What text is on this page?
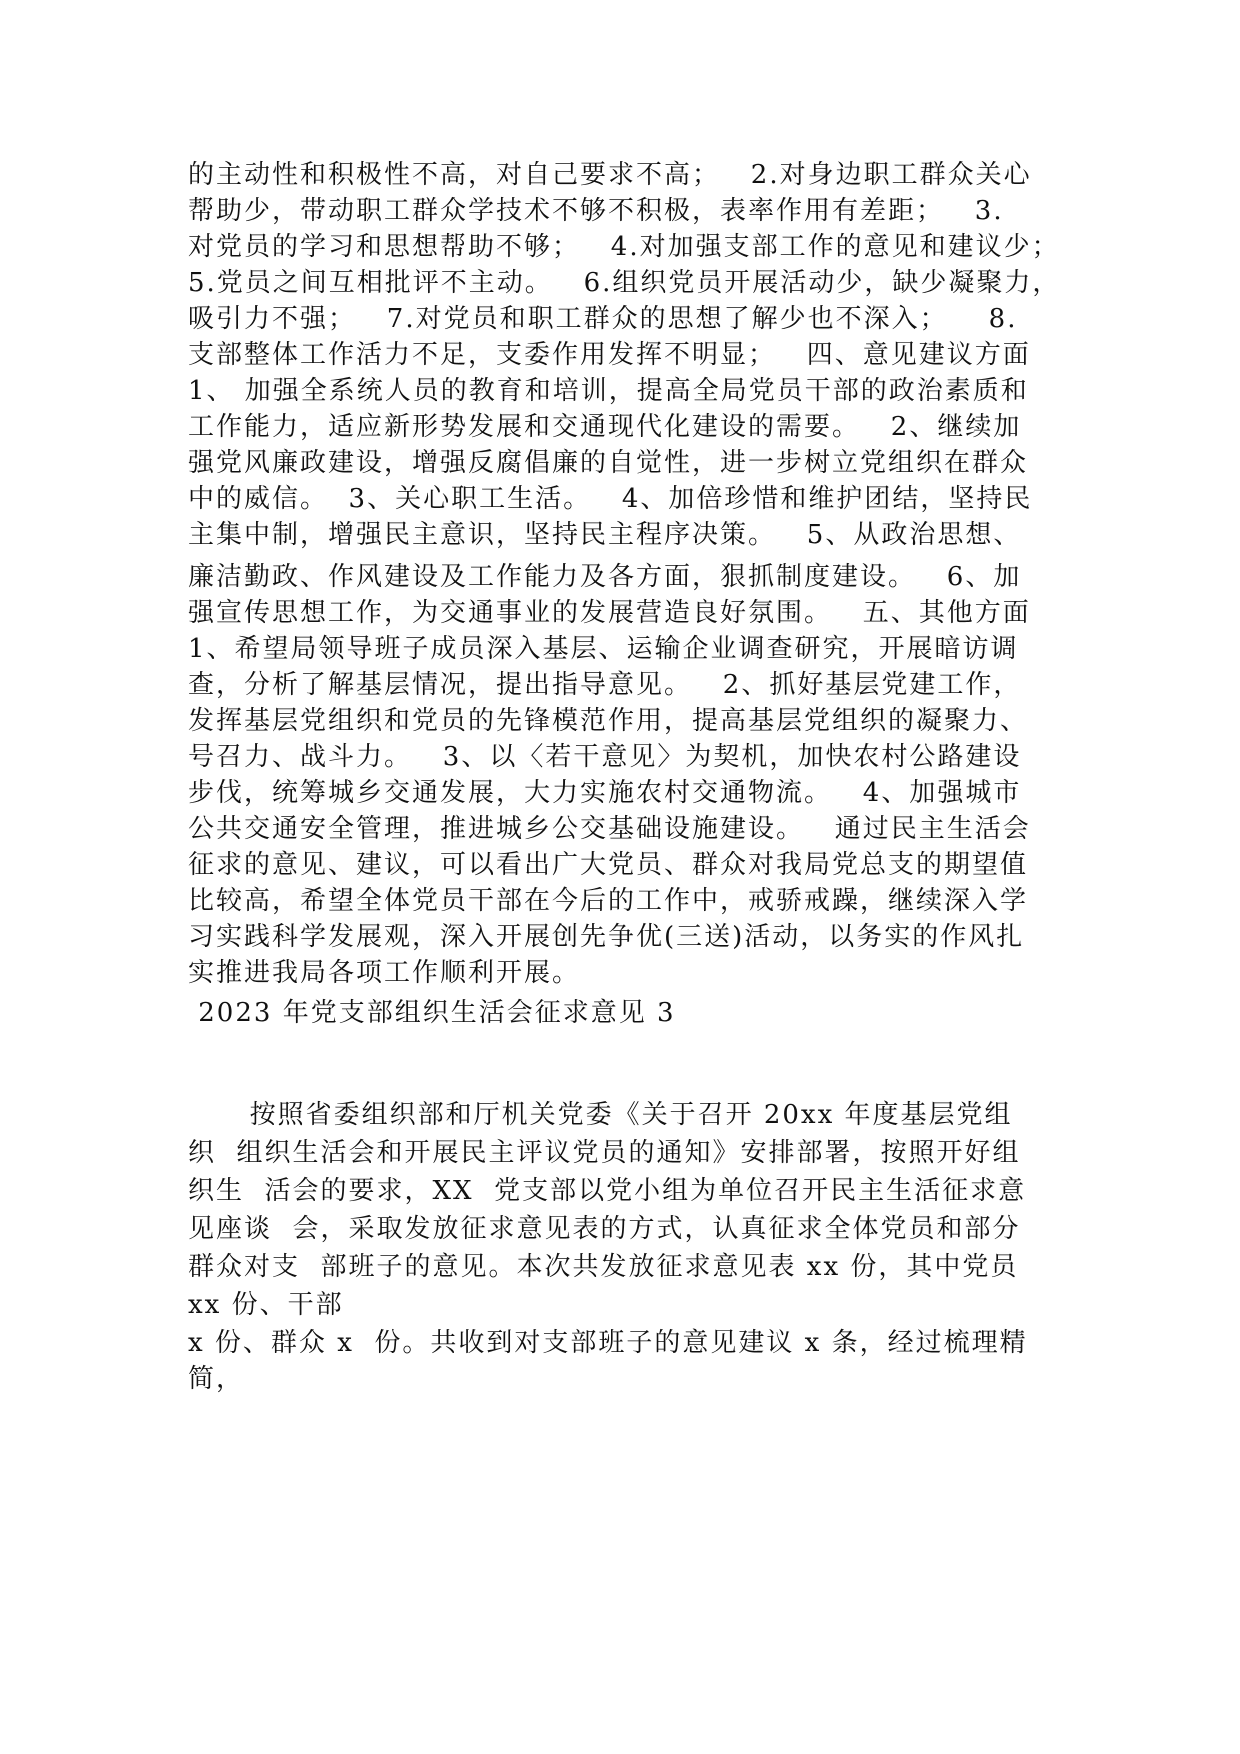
的主动性和积极性不高，对自己要求不高；   2.对身边职工群众关心
帮助少，带动职工群众学技术不够不积极，表率作用有差距；   3.
对党员的学习和思想帮助不够；   4.对加强支部工作的意见和建议少；
5.党员之间互相批评不主动。   6.组织党员开展活动少，缺少凝聚力，
吸引力不强；   7.对党员和职工群众的思想了解少也不深入；    8.
支部整体工作活力不足，支委作用发挥不明显；   四、意见建议方面
1、 加强全系统人员的教育和培训，提高全局党员干部的政治素质和
工作能力，适应新形势发展和交通现代化建设的需要。   2、继续加
强党风廉政建设，增强反腐倡廉的自觉性，进一步树立党组织在群众
中的威信。  3、关心职工生活。   4、加倍珍惜和维护团结，坚持民
主集中制，增强民主意识，坚持民主程序决策。   5、从政治思想、
廉洁勤政、作风建设及工作能力及各方面，狠抓制度建设。   6、加
强宣传思想工作，为交通事业的发展营造良好氛围。   五、其他方面
1、希望局领导班子成员深入基层、运输企业调查研究，开展暗访调
查，分析了解基层情况，提出指导意见。   2、抓好基层党建工作，
发挥基层党组织和党员的先锋模范作用，提高基层党组织的凝聚力、
号召力、战斗力。   3、以〈若干意见〉为契机，加快农村公路建设
步伐，统筹城乡交通发展，大力实施农村交通物流。   4、加强城市
公共交通安全管理，推进城乡公交基础设施建设。   通过民主生活会
征求的意见、建议，可以看出广大党员、群众对我局党总支的期望值
比较高，希望全体党员干部在今后的工作中，戒骄戒躁，继续深入学
习实践科学发展观，深入开展创先争优(三送)活动，以务实的作风扎
实推进我局各项工作顺利开展。
2023 年党支部组织生活会征求意见 3
按照省委组织部和厅机关党委《关于召开 20xx 年度基层党组
织  组织生活会和开展民主评议党员的通知》安排部署，按照开好组
织生  活会的要求，XX  党支部以党小组为单位召开民主生活征求意
见座谈  会，采取发放征求意见表的方式，认真征求全体党员和部分
群众对支  部班子的意见。本次共发放征求意见表 xx 份，其中党员
xx 份、干部
x 份、群众 x  份。共收到对支部班子的意见建议 x 条，经过梳理精
简，
